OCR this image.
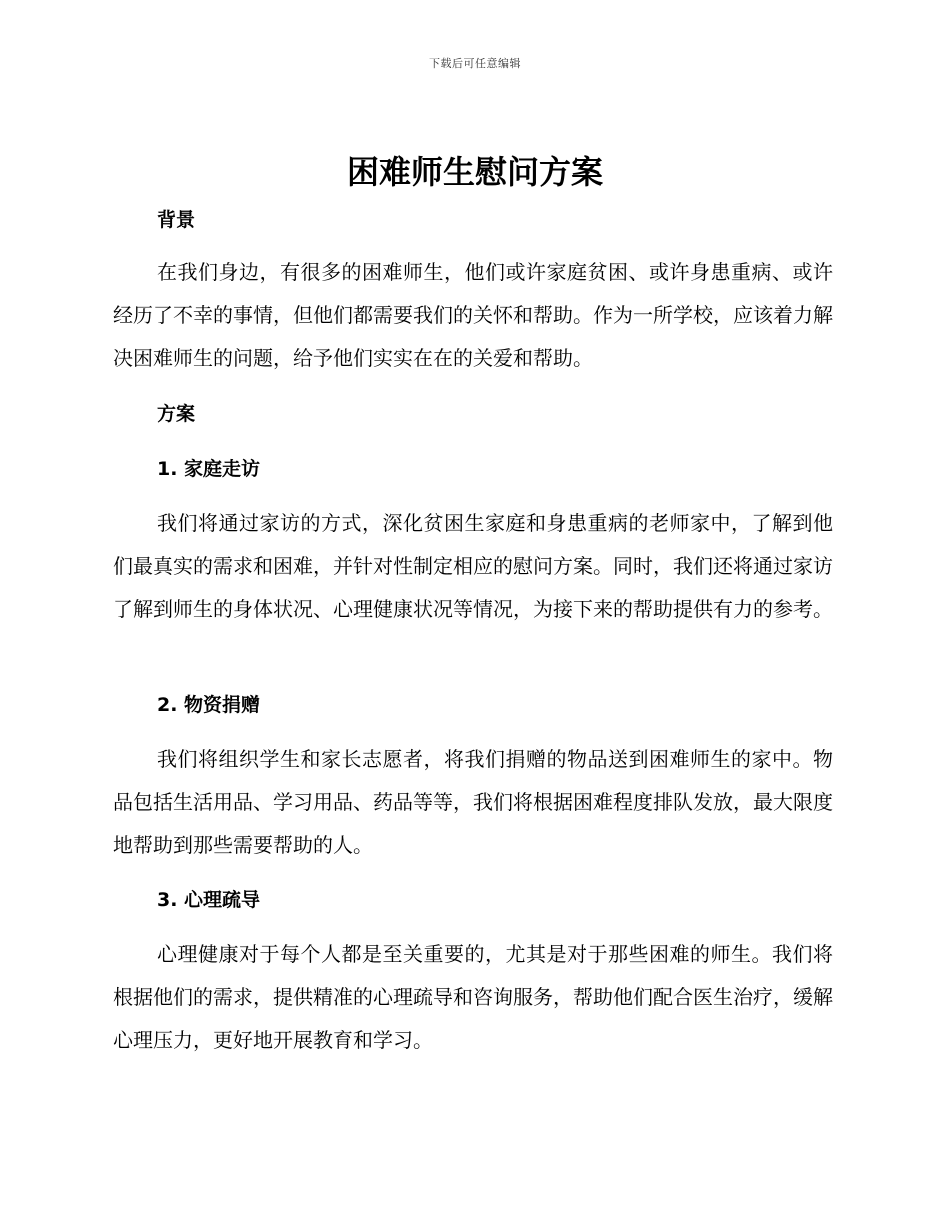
下载后可任意编辑
困难师生慰问方案
背景

在我们身边，有很多的困难师生，他们或许家庭贫困、或许身患重病、或许经历了不幸的事情，但他们都需要我们的关怀和帮助。作为一所学校，应该着力解决困难师生的问题，给予他们实实在在的关爱和帮助。

方案
1. 家庭走访

我们将通过家访的方式，深化贫困生家庭和身患重病的老师家中，了解到他们最真实的需求和困难，并针对性制定相应的慰问方案。同时，我们还将通过家访了解到师生的身体状况、心理健康状况等情况，为接下来的帮助提供有力的参考。

2. 物资捐赠

我们将组织学生和家长志愿者，将我们捐赠的物品送到困难师生的家中。物品包括生活用品、学习用品、药品等等，我们将根据困难程度排队发放，最大限度地帮助到那些需要帮助的人。

3. 心理疏导

心理健康对于每个人都是至关重要的，尤其是对于那些困难的师生。我们将根据他们的需求，提供精准的心理疏导和咨询服务，帮助他们配合医生治疗，缓解心理压力，更好地开展教育和学习。
